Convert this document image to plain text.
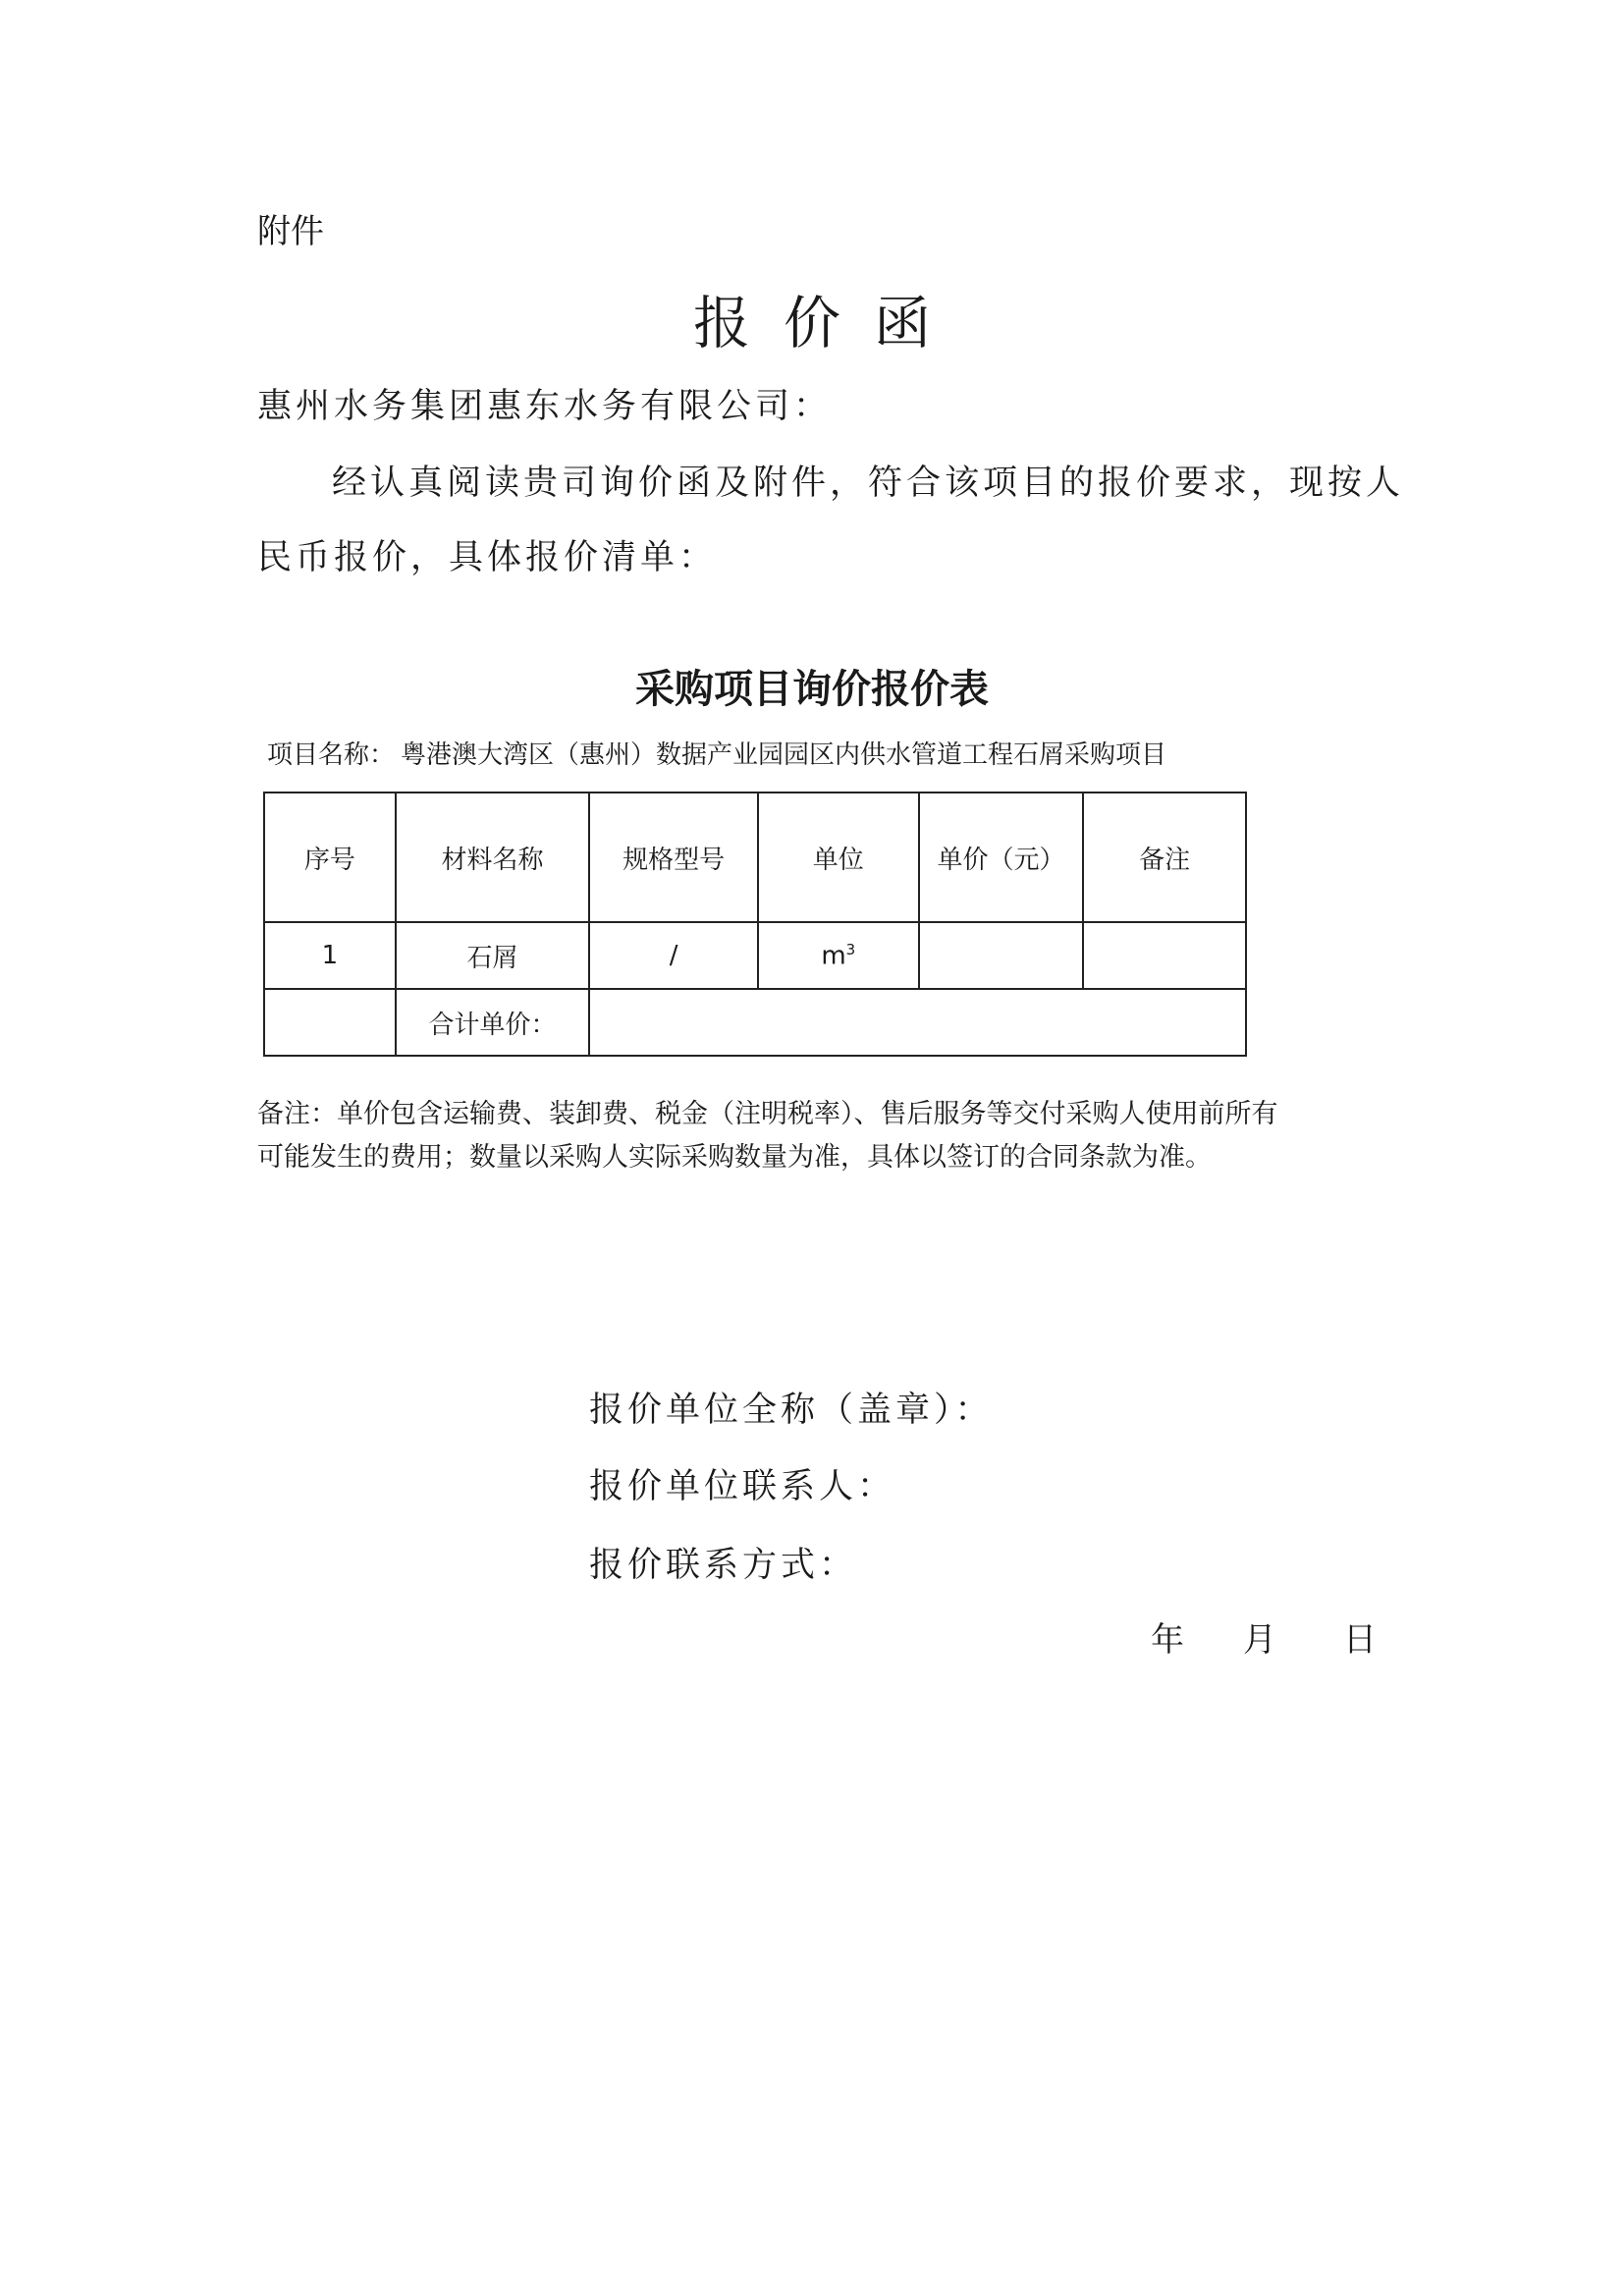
附件
报价函
惠州水务集团惠东水务有限公司：
经认真阅读贵司询价函及附件，符合该项目的报价要求，现按人
民币报价，具体报价清单：
采购项目询价报价表
项目名称： 粤港澳大湾区（惠州）数据产业园园区内供水管道工程石屑采购项目
序号	材料名称	规格型号	单位	单价（元）	备注
1	石屑	/	$m^3$		
	合计单价：				
备注：单价包含运输费、装卸费、税金（注明税率）、售后服务等交付采购人使用前所有
可能发生的费用；数量以采购人实际采购数量为准，具体以签订的合同条款为准。
报价单位全称（盖章）：
报价单位联系人：
报价联系方式：
年 月 日
